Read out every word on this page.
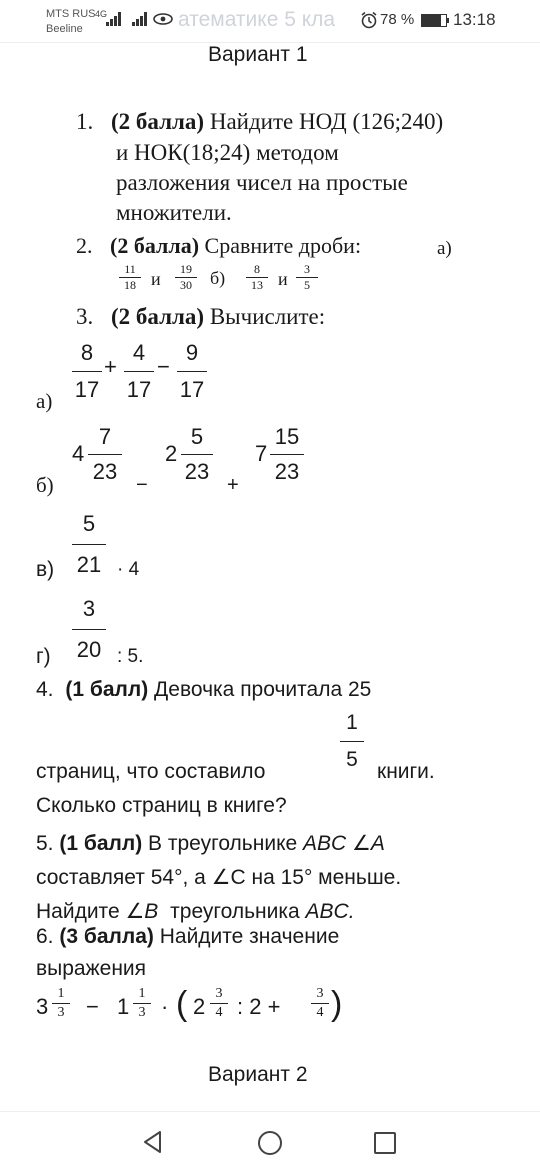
MTS RUS
Beeline
4G	атематике 5 кла	78 % 13:18
Вариант 1
1. (2 балла) Найдите НОД (126;240)
и НОК(18;24) методом
разложения чисел на простые
множители.
2. (2 балла) Сравните дроби:	а)
11
18 и	19
30 б)	8
13 и	3
5
3. (2 балла) Вычислите:
а)
8
17
+
4
17
−
9
17
б)
4
7
23
−
2
5
23
+
7
15
23
в)
5
21 · 4
г)
3
20 : 5.
4. (1 балл) Девочка прочитала 25
1
5
страниц, что составило	книги.
Сколько страниц в книге?
5. (1 балл) В треугольнике ABC ∠A
составляет 54°, а ∠C на 15° меньше.
Найдите ∠B треугольника ABC.
6. (3 балла) Найдите значение
выражения
3
1
3 − 1
1
3 · ( 2
3
4 : 2 +
3
4 )
Вариант 2
